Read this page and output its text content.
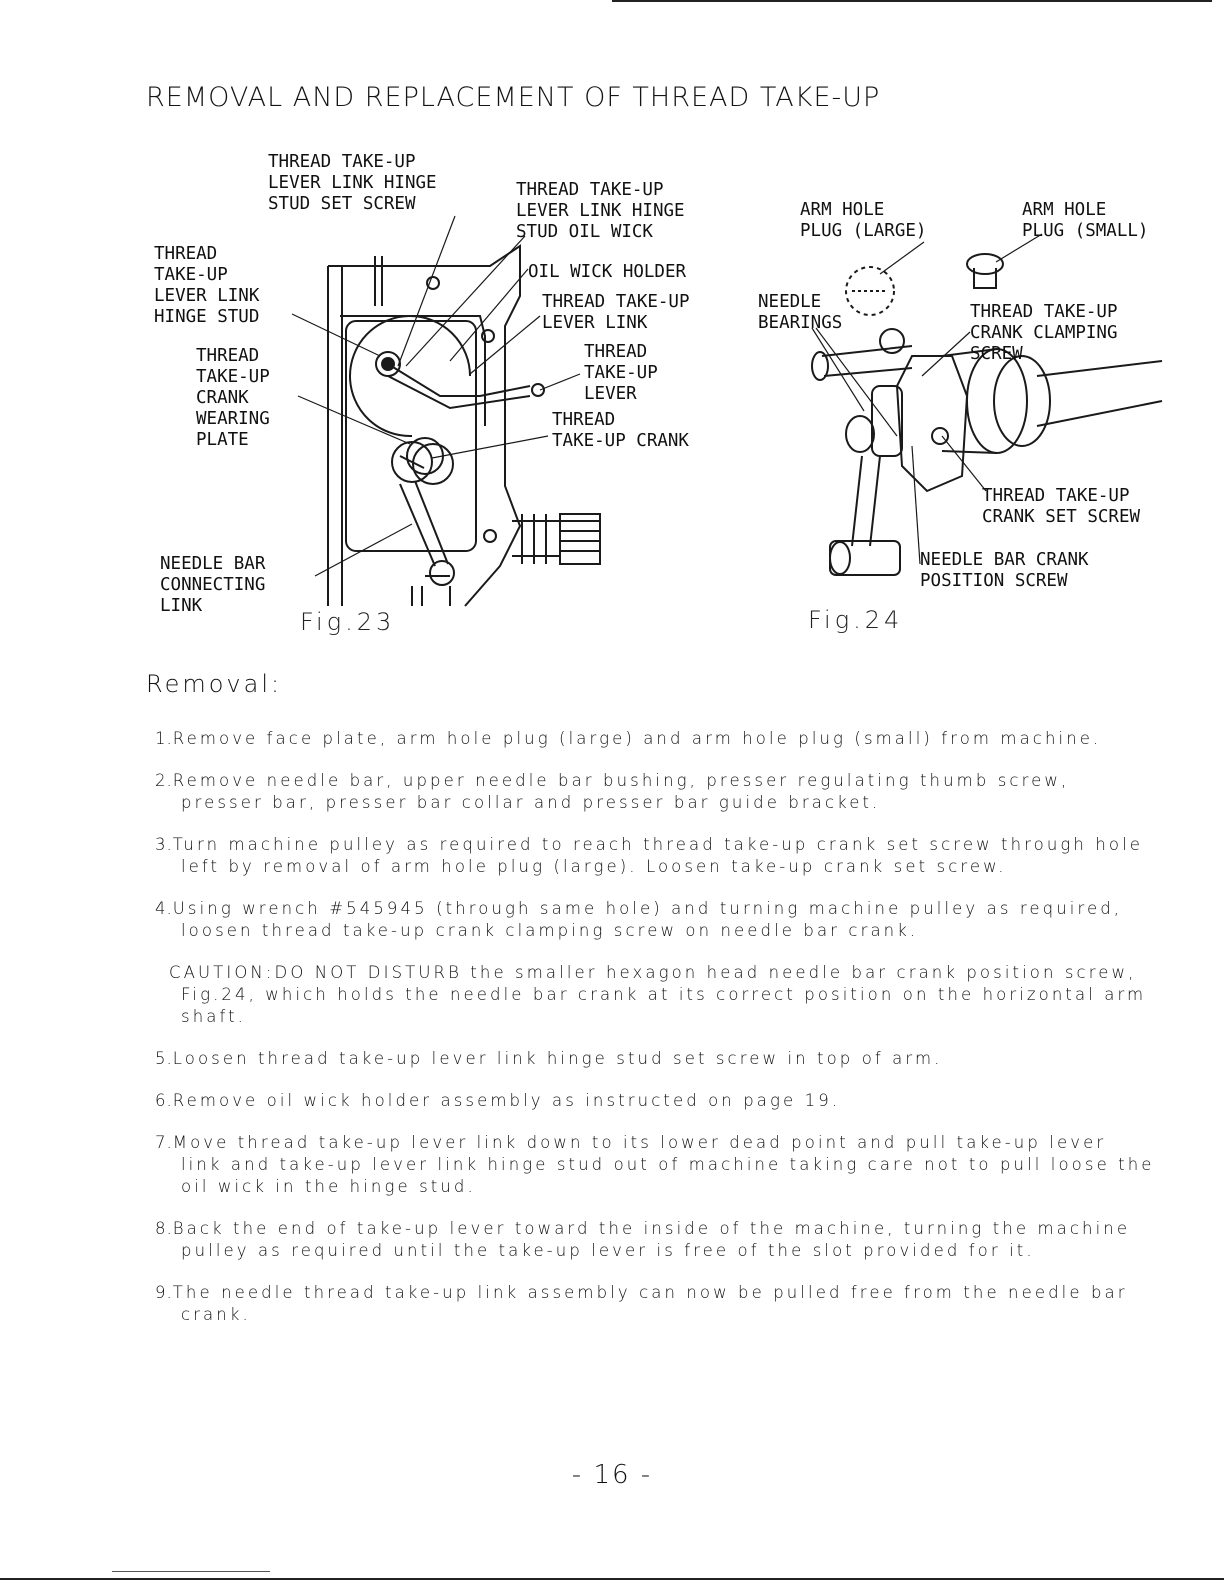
REMOVAL AND REPLACEMENT OF THREAD TAKE-UP
THREAD TAKE-UP
LEVER LINK HINGE
STUD SET SCREW
THREAD TAKE-UP
LEVER LINK HINGE
STUD OIL WICK
THREAD
TAKE-UP
LEVER LINK
HINGE STUD
OIL WICK HOLDER
THREAD TAKE-UP
LEVER LINK
THREAD
TAKE-UP
CRANK
WEARING
PLATE
THREAD
TAKE-UP
LEVER
THREAD
TAKE-UP CRANK
NEEDLE BAR
CONNECTING
LINK
Fig.23
ARM HOLE
PLUG (LARGE)
ARM HOLE
PLUG (SMALL)
NEEDLE
BEARINGS
THREAD TAKE-UP
CRANK CLAMPING
SCREW
THREAD TAKE-UP
CRANK SET SCREW
NEEDLE BAR CRANK
POSITION SCREW
Fig.24
Removal:

1.Remove face plate, arm hole plug (large) and arm hole plug (small) from machine.

2.Remove needle bar, upper needle bar bushing, presser regulating thumb screw, presser bar, presser bar collar and presser bar guide bracket.

3.Turn machine pulley as required to reach thread take-up crank set screw through hole left by removal of arm hole plug (large). Loosen take-up crank set screw.

4.Using wrench #545945 (through same hole) and turning machine pulley as required, loosen thread take-up crank clamping screw on needle bar crank.

CAUTION:DO NOT DISTURB the smaller hexagon head needle bar crank position screw, Fig.24, which holds the needle bar crank at its correct position on the horizontal arm shaft.

5.Loosen thread take-up lever link hinge stud set screw in top of arm.

6.Remove oil wick holder assembly as instructed on page 19.

7.Move thread take-up lever link down to its lower dead point and pull take-up lever link and take-up lever link hinge stud out of machine taking care not to pull loose the oil wick in the hinge stud.

8.Back the end of take-up lever toward the inside of the machine, turning the machine pulley as required until the take-up lever is free of the slot provided for it.

9.The needle thread take-up link assembly can now be pulled free from the needle bar crank.

- 16 -
